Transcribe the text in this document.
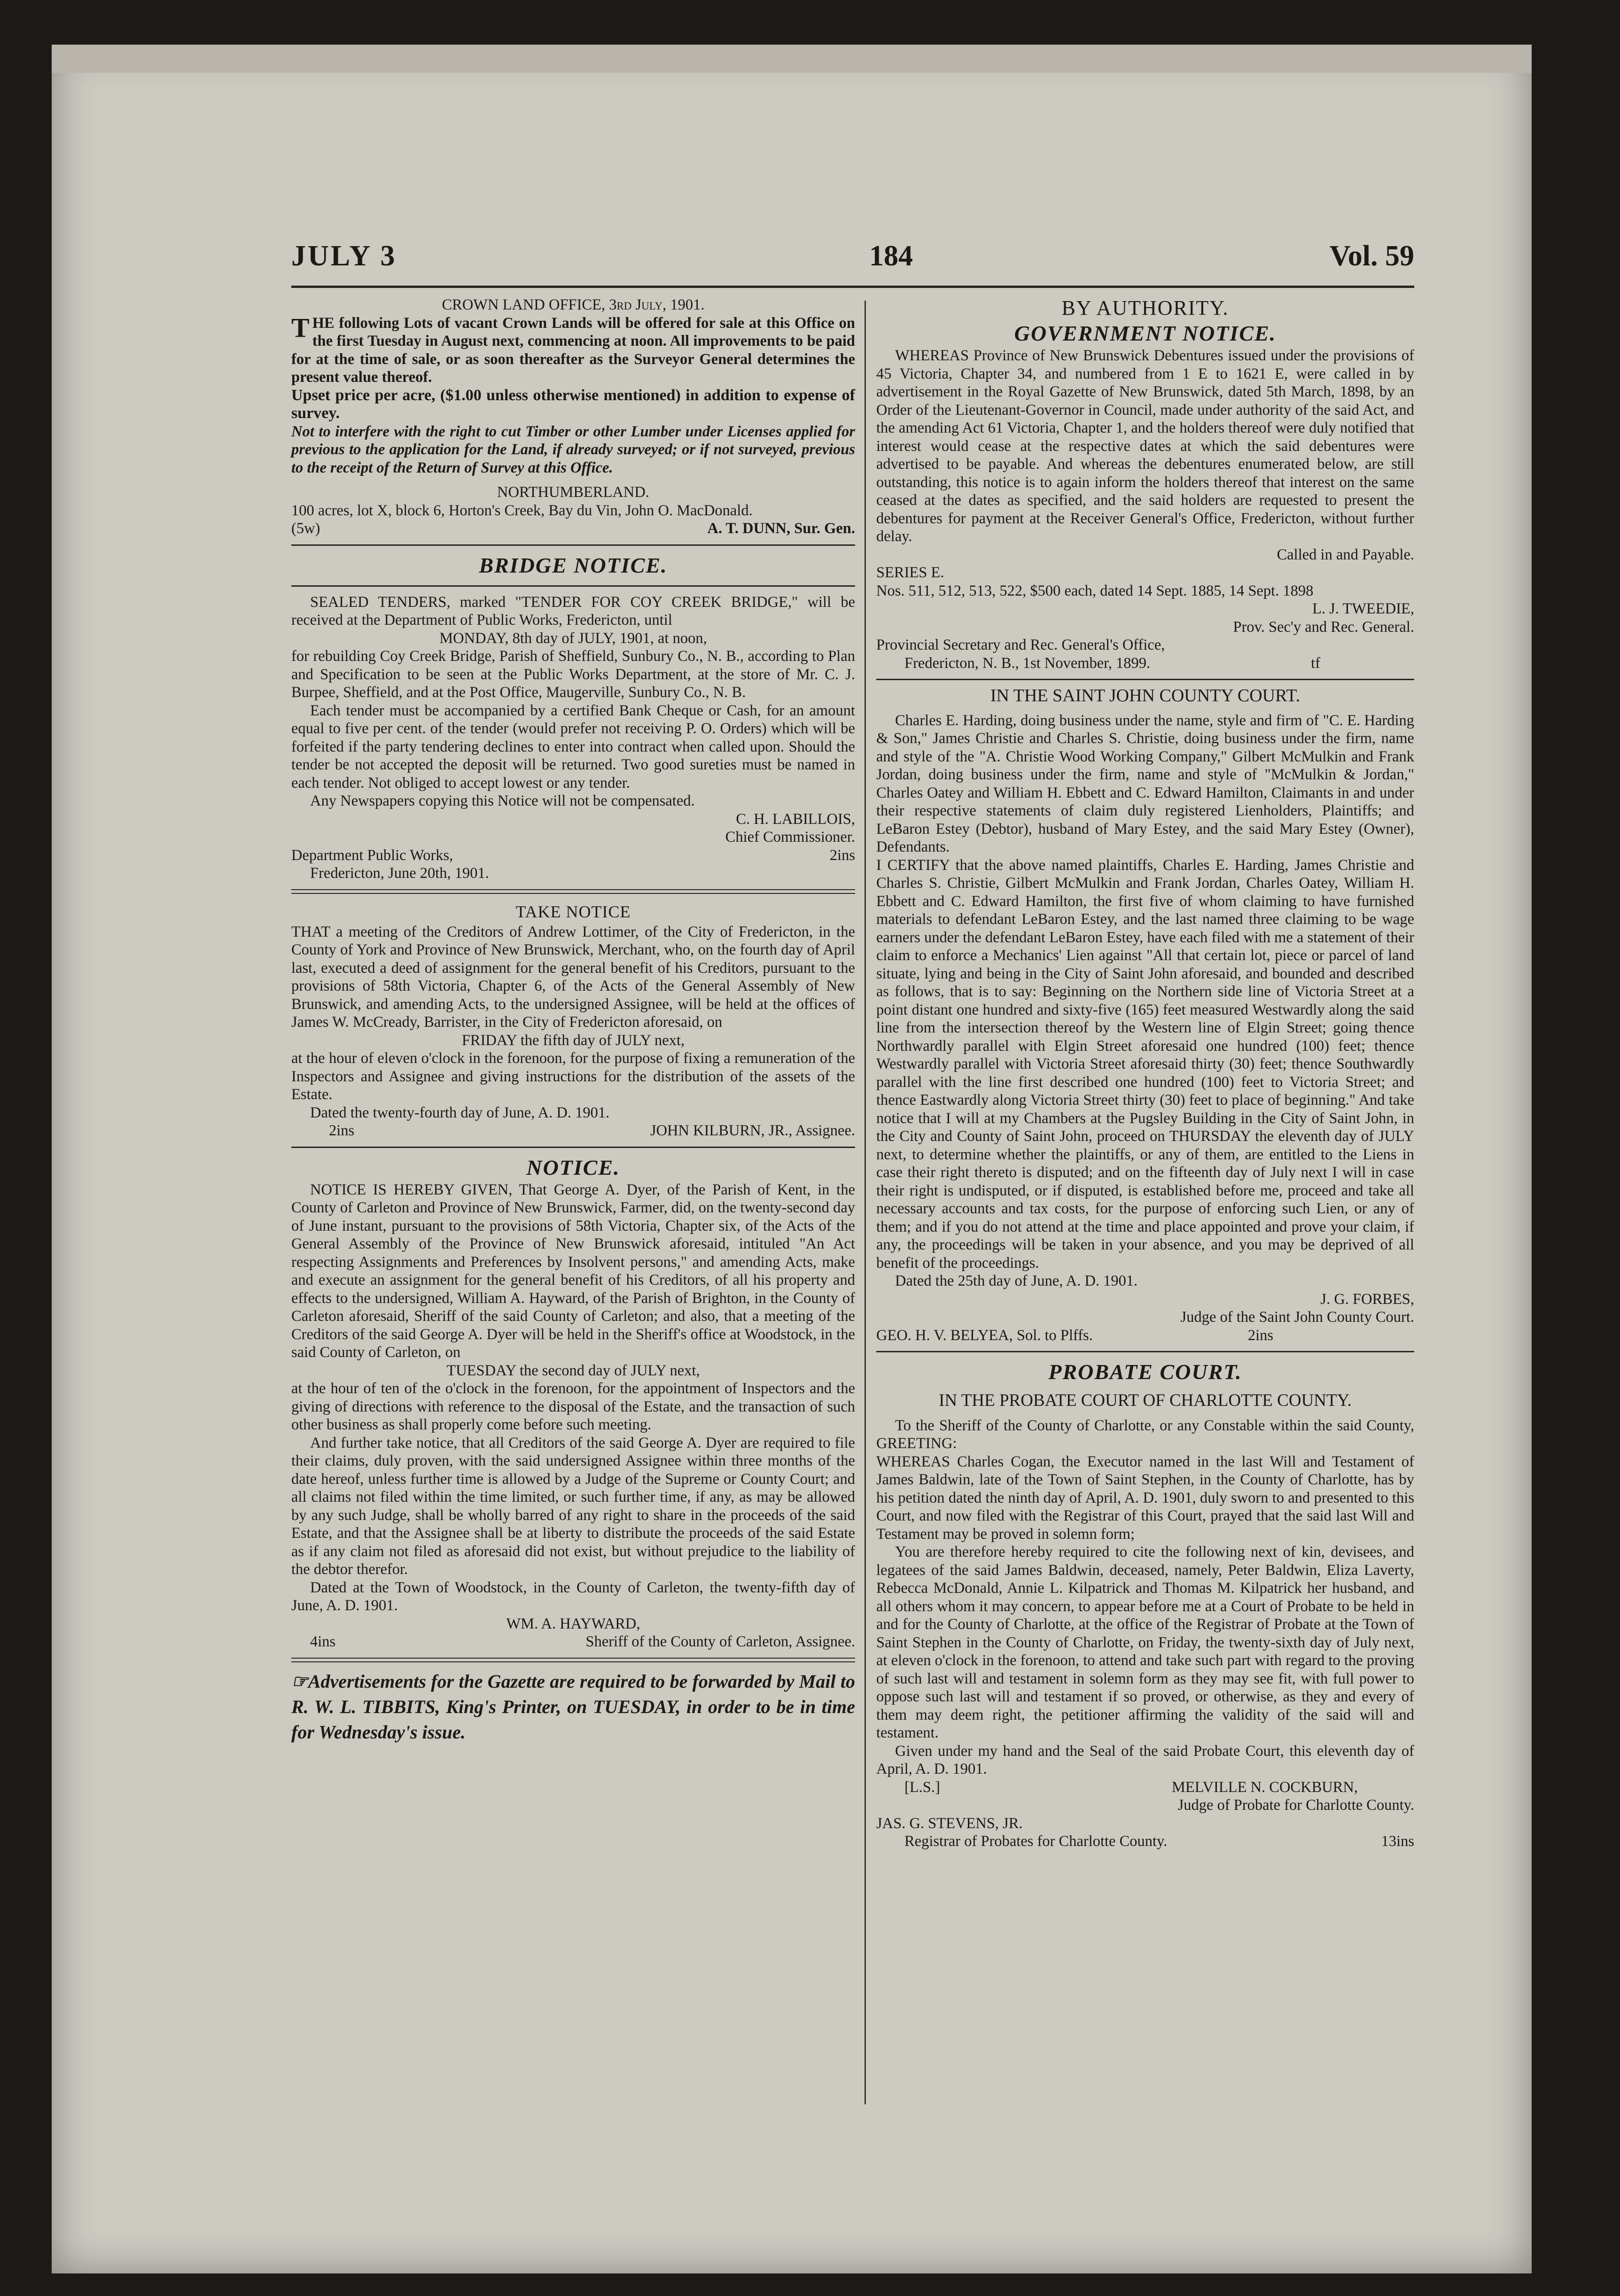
JULY 3	184	Vol. 59

CROWN LAND OFFICE, 3rd July, 1901.

THE following Lots of vacant Crown Lands will be offered for sale at this Office on the first Tuesday in August next, commencing at noon. All improvements to be paid for at the time of sale, or as soon thereafter as the Surveyor General determines the present value thereof.

Upset price per acre, ($1.00 unless otherwise mentioned) in addition to expense of survey.

Not to interfere with the right to cut Timber or other Lumber under Licenses applied for previous to the application for the Land, if already surveyed; or if not surveyed, previous to the receipt of the Return of Survey at this Office.

NORTHUMBERLAND.

100 acres, lot X, block 6, Horton's Creek, Bay du Vin, John O. MacDonald.

(5w)	A. T. DUNN, Sur. Gen.

BRIDGE NOTICE.

SEALED TENDERS, marked "TENDER FOR COY CREEK BRIDGE," will be received at the Department of Public Works, Fredericton, until

MONDAY, 8th day of JULY, 1901, at noon,

for rebuilding Coy Creek Bridge, Parish of Sheffield, Sunbury Co., N. B., according to Plan and Specification to be seen at the Public Works Department, at the store of Mr. C. J. Burpee, Sheffield, and at the Post Office, Maugerville, Sunbury Co., N. B.

Each tender must be accompanied by a certified Bank Cheque or Cash, for an amount equal to five per cent. of the tender (would prefer not receiving P. O. Orders) which will be forfeited if the party tendering declines to enter into contract when called upon. Should the tender be not accepted the deposit will be returned. Two good sureties must be named in each tender. Not obliged to accept lowest or any tender.

Any Newspapers copying this Notice will not be compensated.

C. H. LABILLOIS,

Chief Commissioner.

Department Public Works,	2ins

Fredericton, June 20th, 1901.

TAKE NOTICE

THAT a meeting of the Creditors of Andrew Lottimer, of the City of Fredericton, in the County of York and Province of New Brunswick, Merchant, who, on the fourth day of April last, executed a deed of assignment for the general benefit of his Creditors, pursuant to the provisions of 58th Victoria, Chapter 6, of the Acts of the General Assembly of New Brunswick, and amending Acts, to the undersigned Assignee, will be held at the offices of James W. McCready, Barrister, in the City of Fredericton aforesaid, on

FRIDAY the fifth day of JULY next,

at the hour of eleven o'clock in the forenoon, for the purpose of fixing a remuneration of the Inspectors and Assignee and giving instructions for the distribution of the assets of the Estate.

Dated the twenty-fourth day of June, A. D. 1901.

2ins	JOHN KILBURN, JR., Assignee.

NOTICE.

NOTICE IS HEREBY GIVEN, That George A. Dyer, of the Parish of Kent, in the County of Carleton and Province of New Brunswick, Farmer, did, on the twenty-second day of June instant, pursuant to the provisions of 58th Victoria, Chapter six, of the Acts of the General Assembly of the Province of New Brunswick aforesaid, intituled "An Act respecting Assignments and Preferences by Insolvent persons," and amending Acts, make and execute an assignment for the general benefit of his Creditors, of all his property and effects to the undersigned, William A. Hayward, of the Parish of Brighton, in the County of Carleton aforesaid, Sheriff of the said County of Carleton; and also, that a meeting of the Creditors of the said George A. Dyer will be held in the Sheriff's office at Woodstock, in the said County of Carleton, on

TUESDAY the second day of JULY next,

at the hour of ten of the o'clock in the forenoon, for the appointment of Inspectors and the giving of directions with reference to the disposal of the Estate, and the transaction of such other business as shall properly come before such meeting.

And further take notice, that all Creditors of the said George A. Dyer are required to file their claims, duly proven, with the said undersigned Assignee within three months of the date hereof, unless further time is allowed by a Judge of the Supreme or County Court; and all claims not filed within the time limited, or such further time, if any, as may be allowed by any such Judge, shall be wholly barred of any right to share in the proceeds of the said Estate, and that the Assignee shall be at liberty to distribute the proceeds of the said Estate as if any claim not filed as aforesaid did not exist, but without prejudice to the liability of the debtor therefor.

Dated at the Town of Woodstock, in the County of Carleton, the twenty-fifth day of June, A. D. 1901.

WM. A. HAYWARD,

4ins	Sheriff of the County of Carleton, Assignee.

☞Advertisements for the Gazette are required to be forwarded by Mail to R. W. L. TIBBITS, King's Printer, on TUESDAY, in order to be in time for Wednesday's issue.

BY AUTHORITY.

GOVERNMENT NOTICE.

WHEREAS Province of New Brunswick Debentures issued under the provisions of 45 Victoria, Chapter 34, and numbered from 1 E to 1621 E, were called in by advertisement in the Royal Gazette of New Brunswick, dated 5th March, 1898, by an Order of the Lieutenant-Governor in Council, made under authority of the said Act, and the amending Act 61 Victoria, Chapter 1, and the holders thereof were duly notified that interest would cease at the respective dates at which the said debentures were advertised to be payable. And whereas the debentures enumerated below, are still outstanding, this notice is to again inform the holders thereof that interest on the same ceased at the dates as specified, and the said holders are requested to present the debentures for payment at the Receiver General's Office, Fredericton, without further delay.

Called in and Payable.

SERIES E.

Nos. 511, 512, 513, 522, $500 each, dated 14 Sept. 1885, 14 Sept. 1898

L. J. TWEEDIE,

Prov. Sec'y and Rec. General.

Provincial Secretary and Rec. General's Office,

Fredericton, N. B., 1st November, 1899.	tf

IN THE SAINT JOHN COUNTY COURT.

Charles E. Harding, doing business under the name, style and firm of "C. E. Harding & Son," James Christie and Charles S. Christie, doing business under the firm, name and style of the "A. Christie Wood Working Company," Gilbert McMulkin and Frank Jordan, doing business under the firm, name and style of "McMulkin & Jordan," Charles Oatey and William H. Ebbett and C. Edward Hamilton, Claimants in and under their respective statements of claim duly registered Lienholders, Plaintiffs; and LeBaron Estey (Debtor), husband of Mary Estey, and the said Mary Estey (Owner), Defendants.

I CERTIFY that the above named plaintiffs, Charles E. Harding, James Christie and Charles S. Christie, Gilbert McMulkin and Frank Jordan, Charles Oatey, William H. Ebbett and C. Edward Hamilton, the first five of whom claiming to have furnished materials to defendant LeBaron Estey, and the last named three claiming to be wage earners under the defendant LeBaron Estey, have each filed with me a statement of their claim to enforce a Mechanics' Lien against "All that certain lot, piece or parcel of land situate, lying and being in the City of Saint John aforesaid, and bounded and described as follows, that is to say: Beginning on the Northern side line of Victoria Street at a point distant one hundred and sixty-five (165) feet measured Westwardly along the said line from the intersection thereof by the Western line of Elgin Street; going thence Northwardly parallel with Elgin Street aforesaid one hundred (100) feet; thence Westwardly parallel with Victoria Street aforesaid thirty (30) feet; thence Southwardly parallel with the line first described one hundred (100) feet to Victoria Street; and thence Eastwardly along Victoria Street thirty (30) feet to place of beginning." And take notice that I will at my Chambers at the Pugsley Building in the City of Saint John, in the City and County of Saint John, proceed on THURSDAY the eleventh day of JULY next, to determine whether the plaintiffs, or any of them, are entitled to the Liens in case their right thereto is disputed; and on the fifteenth day of July next I will in case their right is undisputed, or if disputed, is established before me, proceed and take all necessary accounts and tax costs, for the purpose of enforcing such Lien, or any of them; and if you do not attend at the time and place appointed and prove your claim, if any, the proceedings will be taken in your absence, and you may be deprived of all benefit of the proceedings.

Dated the 25th day of June, A. D. 1901.

J. G. FORBES,

Judge of the Saint John County Court.

GEO. H. V. BELYEA, Sol. to Plffs.	2ins

PROBATE COURT.

IN THE PROBATE COURT OF CHARLOTTE COUNTY.

To the Sheriff of the County of Charlotte, or any Constable within the said County, GREETING:

WHEREAS Charles Cogan, the Executor named in the last Will and Testament of James Baldwin, late of the Town of Saint Stephen, in the County of Charlotte, has by his petition dated the ninth day of April, A. D. 1901, duly sworn to and presented to this Court, and now filed with the Registrar of this Court, prayed that the said last Will and Testament may be proved in solemn form;

You are therefore hereby required to cite the following next of kin, devisees, and legatees of the said James Baldwin, deceased, namely, Peter Baldwin, Eliza Laverty, Rebecca McDonald, Annie L. Kilpatrick and Thomas M. Kilpatrick her husband, and all others whom it may concern, to appear before me at a Court of Probate to be held in and for the County of Charlotte, at the office of the Registrar of Probate at the Town of Saint Stephen in the County of Charlotte, on Friday, the twenty-sixth day of July next, at eleven o'clock in the forenoon, to attend and take such part with regard to the proving of such last will and testament in solemn form as they may see fit, with full power to oppose such last will and testament if so proved, or otherwise, as they and every of them may deem right, the petitioner affirming the validity of the said will and testament.

Given under my hand and the Seal of the said Probate Court, this eleventh day of April, A. D. 1901.

[L.S.]	MELVILLE N. COCKBURN,

Judge of Probate for Charlotte County.

JAS. G. STEVENS, JR.

Registrar of Probates for Charlotte County.	13ins
